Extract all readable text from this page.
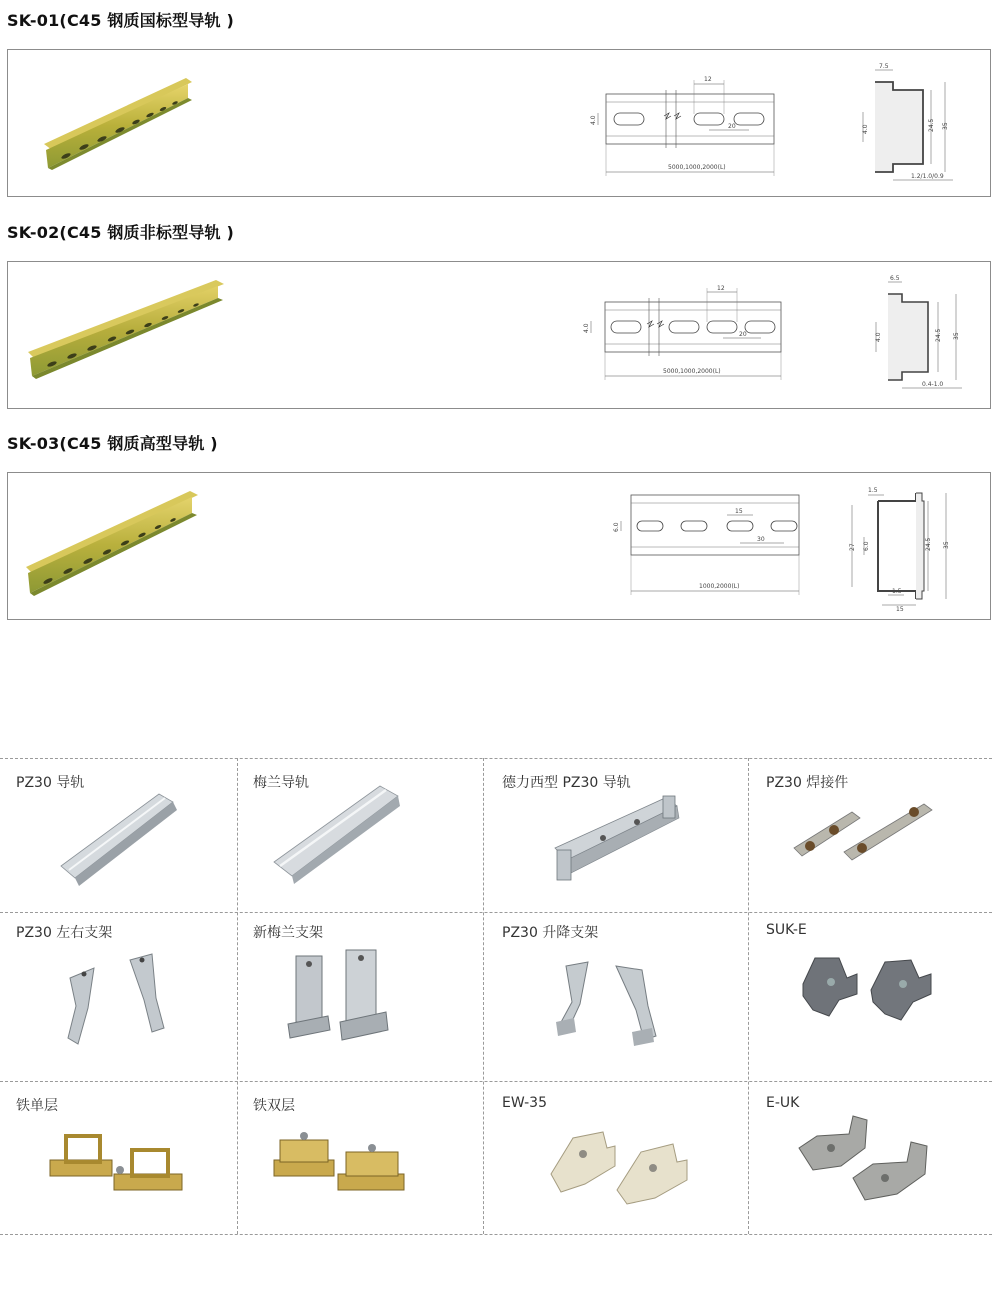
SK-01(C45 钢质国标型导轨 )
12
4.0
20
5000,1000,2000(L)
7.5
4.0	24.5 35
1.2/1.0/0.9
SK-02(C45 钢质非标型导轨 )
12
4.0
20
5000,1000,2000(L)
6.5
4.0	24.5 35
0.4-1.0
SK-03(C45 钢质高型导轨 )
15
6.0
30
1000,2000(L)
1.5
27 6.0	24.5 35
1.5
15
PZ30 导轨	梅兰导轨	德力西型 PZ30 导轨	PZ30 焊接件
PZ30 左右支架	新梅兰支架	PZ30 升降支架	SUK-E
铁单层	铁双层	EW-35	E-UK
